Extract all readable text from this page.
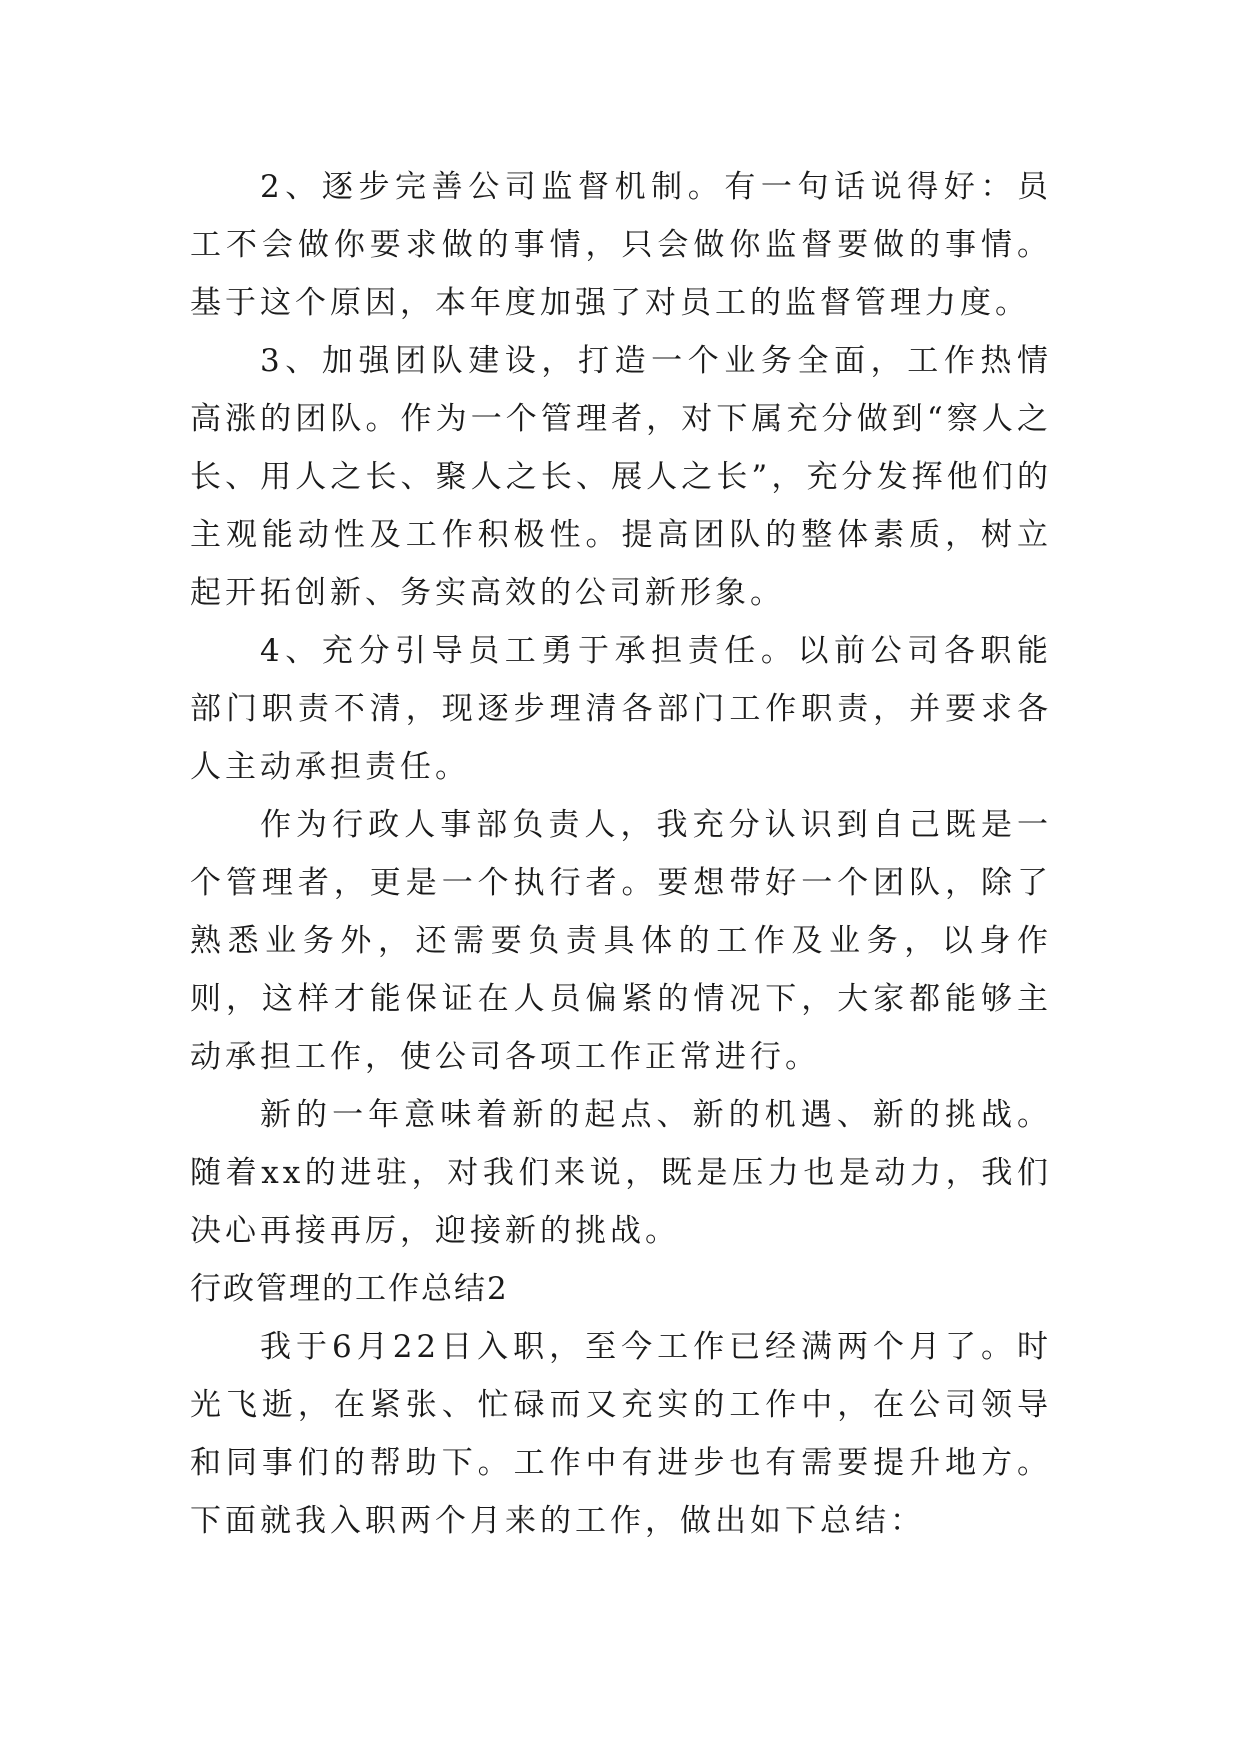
2、逐步完善公司监督机制。有一句话说得好：员工不会做你要求做的事情，只会做你监督要做的事情。基于这个原因，本年度加强了对员工的监督管理力度。

3、加强团队建设，打造一个业务全面，工作热情高涨的团队。作为一个管理者，对下属充分做到“察人之长、用人之长、聚人之长、展人之长”，充分发挥他们的主观能动性及工作积极性。提高团队的整体素质，树立起开拓创新、务实高效的公司新形象。

4、充分引导员工勇于承担责任。以前公司各职能部门职责不清，现逐步理清各部门工作职责，并要求各人主动承担责任。

作为行政人事部负责人，我充分认识到自己既是一个管理者，更是一个执行者。要想带好一个团队，除了熟悉业务外，还需要负责具体的工作及业务，以身作则，这样才能保证在人员偏紧的情况下，大家都能够主动承担工作，使公司各项工作正常进行。

新的一年意味着新的起点、新的机遇、新的挑战。随着xx的进驻，对我们来说，既是压力也是动力，我们决心再接再厉，迎接新的挑战。

行政管理的工作总结2

我于6月22日入职，至今工作已经满两个月了。时光飞逝，在紧张、忙碌而又充实的工作中，在公司领导和同事们的帮助下。工作中有进步也有需要提升地方。下面就我入职两个月来的工作，做出如下总结：
